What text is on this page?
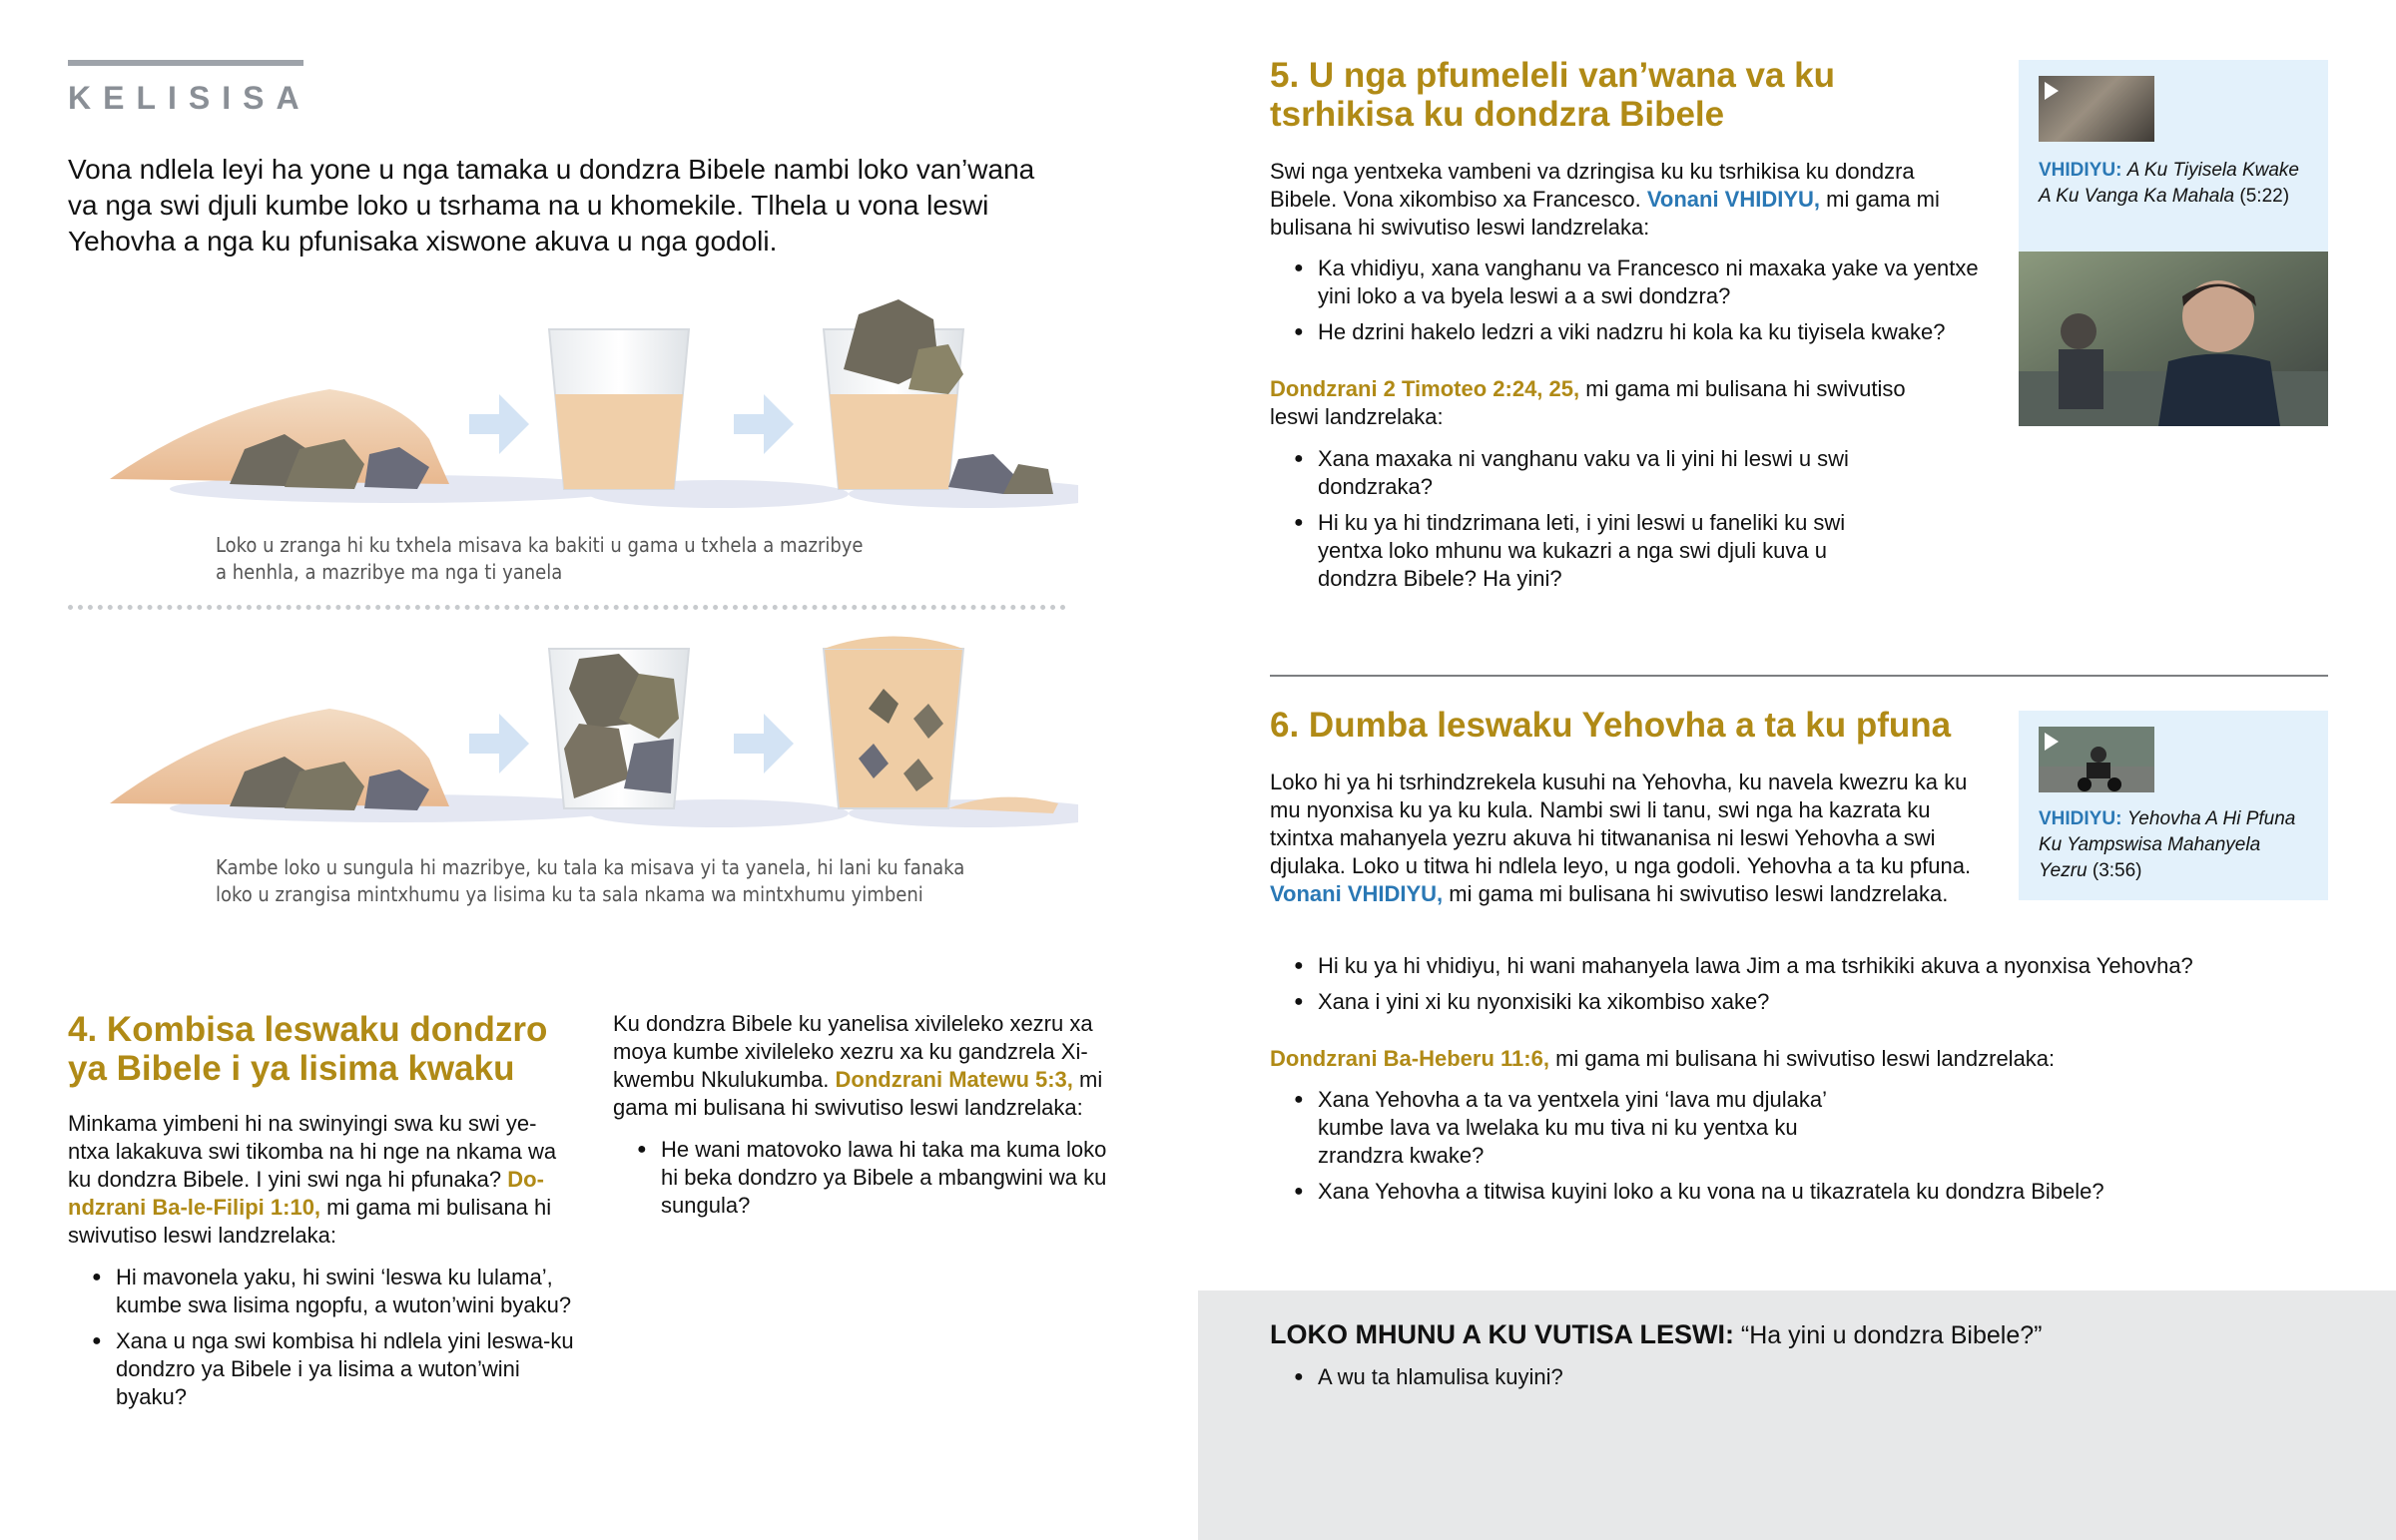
KELISISA
Vona ndlela leyi ha yone u nga tamaka u dondzra Bibele nambi loko van’wana va nga swi djuli kumbe loko u tsrhama na u khomekile. Tlhela u vona leswi Yehovha a nga ku pfunisaka xiswone akuva u nga godoli.
Loko u zranga hi ku txhela misava ka bakiti u gama u txhela a mazribye
a henhla, a mazribye ma nga ti yanela
Kambe loko u sungula hi mazribye, ku tala ka misava yi ta yanela, hi lani ku fanaka
loko u zrangisa mintxhumu ya lisima ku ta sala nkama wa mintxhumu yimbeni
4. Kombisa leswaku dondzro
ya Bibele i ya lisima kwaku
Minkama yimbeni hi na swinyingi swa ku swi ye-ntxa lakakuva swi tikomba na hi nge na nkama wa ku dondzra Bibele. I yini swi nga hi pfunaka? Do-ndzrani Ba-le-Filipi 1:10, mi gama mi bulisana hi swivutiso leswi landzrelaka:
● Hi mavonela yaku, hi swini ‘leswa ku lulama’, kumbe swa lisima ngopfu, a wuton’wini byaku?
● Xana u nga swi kombisa hi ndlela yini leswa-ku dondzro ya Bibele i ya lisima a wuton’wini byaku?
Ku dondzra Bibele ku yanelisa xivileleko xezru xa moya kumbe xivileleko xezru xa ku gandzrela Xi-kwembu Nkulukumba. Dondzrani Matewu 5:3, mi gama mi bulisana hi swivutiso leswi landzrelaka:
● He wani matovoko lawa hi taka ma kuma loko hi beka dondzro ya Bibele a mbangwini wa ku sungula?
5. U nga pfumeleli van’wana va ku
tsrhikisa ku dondzra Bibele
Swi nga yentxeka vambeni va dzringisa ku ku tsrhikisa ku dondzra Bibele. Vona xikombiso xa Francesco. Vonani VHIDIYU, mi gama mi bulisana hi swivutiso leswi landzrelaka:
● Ka vhidiyu, xana vanghanu va Francesco ni maxaka yake va yentxe yini loko a va byela leswi a a swi dondzra?
● He dzrini hakelo ledzri a viki nadzru hi kola ka ku tiyisela kwake?
Dondzrani 2 Timoteo 2:24, 25, mi gama mi bulisana hi swivutiso leswi landzrelaka:
● Xana maxaka ni vanghanu vaku va li yini hi leswi u swi dondzraka?
● Hi ku ya hi tindzrimana leti, i yini leswi u faneliki ku swi yentxa loko mhunu wa kukazri a nga swi djuli kuva u dondzra Bibele? Ha yini?
VHIDIYU: A Ku Tiyisela Kwake
A Ku Vanga Ka Mahala (5:22)
6. Dumba leswaku Yehovha a ta ku pfuna
Loko hi ya hi tsrhindzrekela kusuhi na Yehovha, ku navela kwezru ka ku mu nyonxisa ku ya ku kula. Nambi swi li tanu, swi nga ha kazrata ku txintxa mahanyela yezru akuva hi titwananisa ni leswi Yehovha a swi djulaka. Loko u titwa hi ndlela leyo, u nga godoli. Yehovha a ta ku pfuna. Vonani VHIDIYU, mi gama mi bulisana hi swivutiso leswi landzrelaka.
● Hi ku ya hi vhidiyu, hi wani mahanyela lawa Jim a ma tsrhikiki akuva a nyonxisa Yehovha?
● Xana i yini xi ku nyonxisiki ka xikombiso xake?
Dondzrani Ba-Heberu 11:6, mi gama mi bulisana hi swivutiso leswi landzrelaka:
● Xana Yehovha a ta va yentxela yini ‘lava mu djulaka’ kumbe lava va lwelaka ku mu tiva ni ku yentxa ku zrandzra kwake?
● Xana Yehovha a titwisa kuyini loko a ku vona na u tikazratela ku dondzra Bibele?
VHIDIYU: Yehovha A Hi Pfuna
Ku Yampswisa Mahanyela
Yezru (3:56)
LOKO MHUNU A KU VUTISA LESWI: “Ha yini u dondzra Bibele?”
● A wu ta hlamulisa kuyini?
